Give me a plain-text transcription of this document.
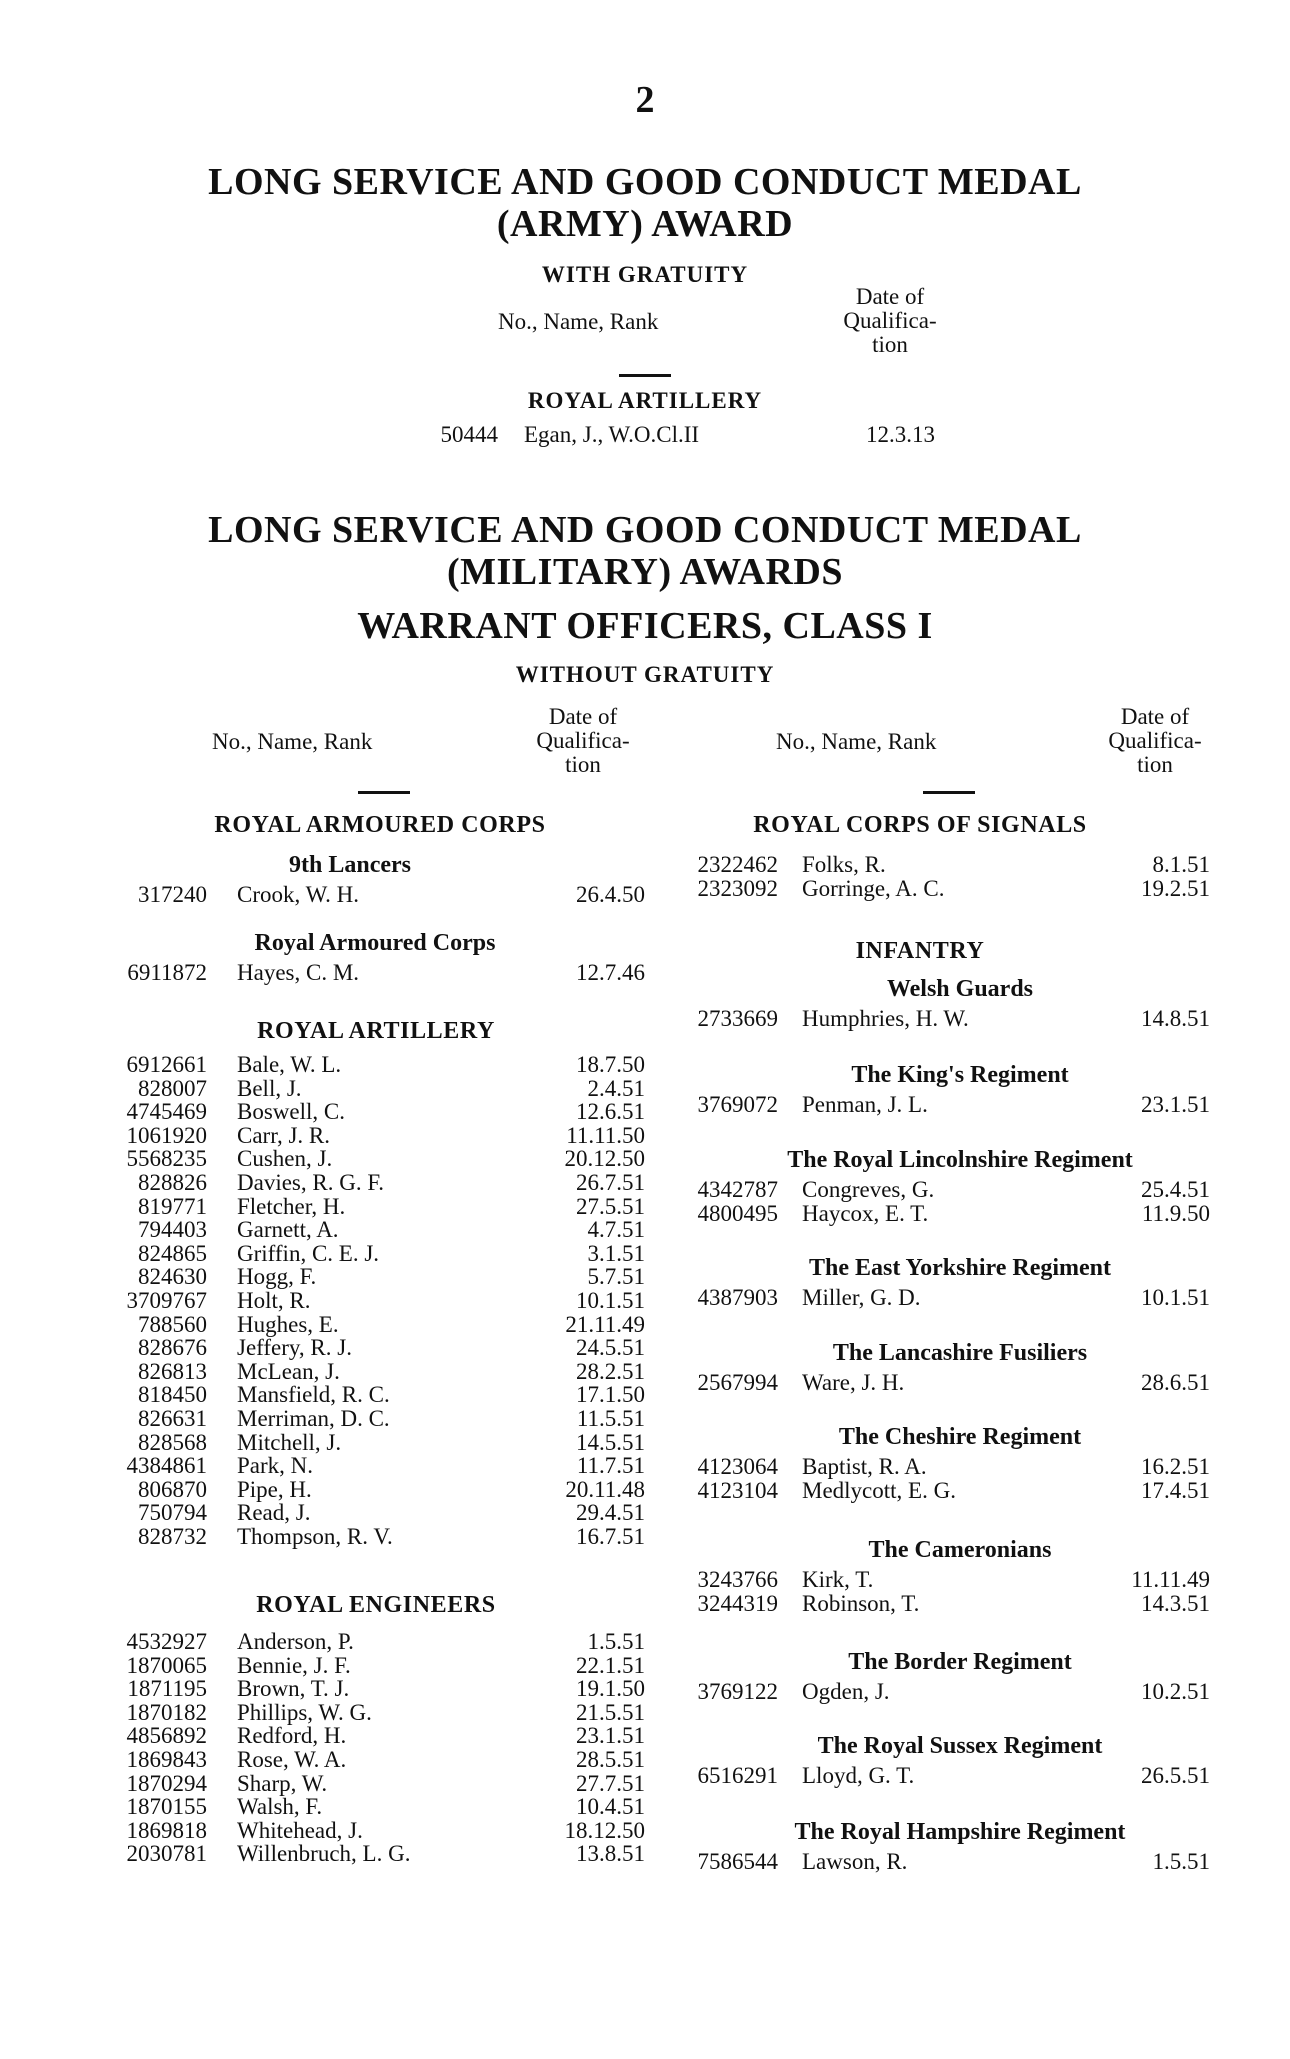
2
LONG SERVICE AND GOOD CONDUCT MEDAL
(ARMY) AWARD
WITH GRATUITY
No., Name, Rank
Date of
Qualifica-
tion
ROYAL ARTILLERY
50444 Egan, J., W.O.Cl.II	12.3.13
LONG SERVICE AND GOOD CONDUCT MEDAL
(MILITARY) AWARDS
WARRANT OFFICERS, CLASS I
WITHOUT GRATUITY
No., Name, Rank
Date of
Qualifica-
tion
No., Name, Rank
Date of
Qualifica-
tion
ROYAL ARMOURED CORPS
9th Lancers
317240 Crook, W. H.	26.4.50
Royal Armoured Corps
6911872 Hayes, C. M.	12.7.46
ROYAL ARTILLERY
6912661 Bale, W. L.	18.7.50
828007 Bell, J.	2.4.51
4745469 Boswell, C.	12.6.51
1061920 Carr, J. R.	11.11.50
5568235 Cushen, J.	20.12.50
828826 Davies, R. G. F.	26.7.51
819771 Fletcher, H.	27.5.51
794403 Garnett, A.	4.7.51
824865 Griffin, C. E. J.	3.1.51
824630 Hogg, F.	5.7.51
3709767 Holt, R.	10.1.51
788560 Hughes, E.	21.11.49
828676 Jeffery, R. J.	24.5.51
826813 McLean, J.	28.2.51
818450 Mansfield, R. C.	17.1.50
826631 Merriman, D. C.	11.5.51
828568 Mitchell, J.	14.5.51
4384861 Park, N.	11.7.51
806870 Pipe, H.	20.11.48
750794 Read, J.	29.4.51
828732 Thompson, R. V.	16.7.51
ROYAL ENGINEERS
4532927 Anderson, P.	1.5.51
1870065 Bennie, J. F.	22.1.51
1871195 Brown, T. J.	19.1.50
1870182 Phillips, W. G.	21.5.51
4856892 Redford, H.	23.1.51
1869843 Rose, W. A.	28.5.51
1870294 Sharp, W.	27.7.51
1870155 Walsh, F.	10.4.51
1869818 Whitehead, J.	18.12.50
2030781 Willenbruch, L. G.	13.8.51
ROYAL CORPS OF SIGNALS
2322462 Folks, R.	8.1.51
2323092 Gorringe, A. C.	19.2.51
INFANTRY
Welsh Guards
2733669 Humphries, H. W.	14.8.51
The King's Regiment
3769072 Penman, J. L.	23.1.51
The Royal Lincolnshire Regiment
4342787 Congreves, G.	25.4.51
4800495 Haycox, E. T.	11.9.50
The East Yorkshire Regiment
4387903 Miller, G. D.	10.1.51
The Lancashire Fusiliers
2567994 Ware, J. H.	28.6.51
The Cheshire Regiment
4123064 Baptist, R. A.	16.2.51
4123104 Medlycott, E. G.	17.4.51
The Cameronians
3243766 Kirk, T.	11.11.49
3244319 Robinson, T.	14.3.51
The Border Regiment
3769122 Ogden, J.	10.2.51
The Royal Sussex Regiment
6516291 Lloyd, G. T.	26.5.51
The Royal Hampshire Regiment
7586544 Lawson, R.	1.5.51
